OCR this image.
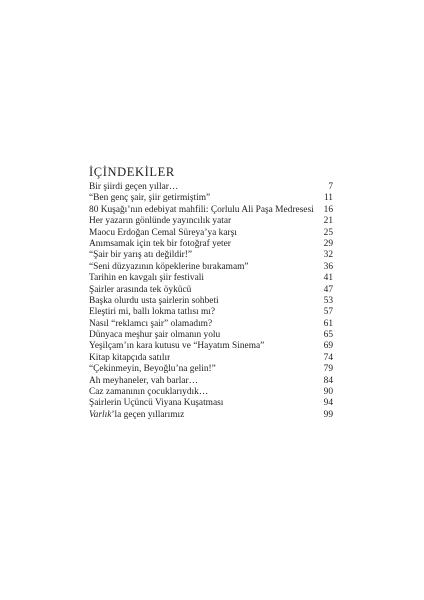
İÇİNDEKİLER
Bir şiirdi geçen yıllar…	7
“Ben genç şair, şiir getirmiştim”	11
80 Kuşağı’nın edebiyat mahfili: Çorlulu Ali Paşa Medresesi	16
Her yazarın gönlünde yayıncılık yatar	21
Maocu Erdoğan Cemal Süreya’ya karşı	25
Anımsamak için tek bir fotoğraf yeter	29
“Şair bir yarış atı değildir!”	32
“Seni düzyazının köpeklerine bırakamam”	36
Tarihin en kavgalı şiir festivali	41
Şairler arasında tek öykücü	47
Başka olurdu usta şairlerin sohbeti	53
Eleştiri mi, ballı lokma tatlısı mı?	57
Nasıl “reklamcı şair” olamadım?	61
Dünyaca meşhur şair olmanın yolu	65
Yeşilçam’ın kara kutusu ve “Hayatım Sinema”	69
Kitap kitapçıda satılır	74
“Çekinmeyin, Beyoğlu’na gelin!”	79
Ah meyhaneler, vah barlar…	84
Caz zamanının çocuklarıydık…	90
Şairlerin Üçüncü Viyana Kuşatması	94
Varlık’la geçen yıllarımız	99
